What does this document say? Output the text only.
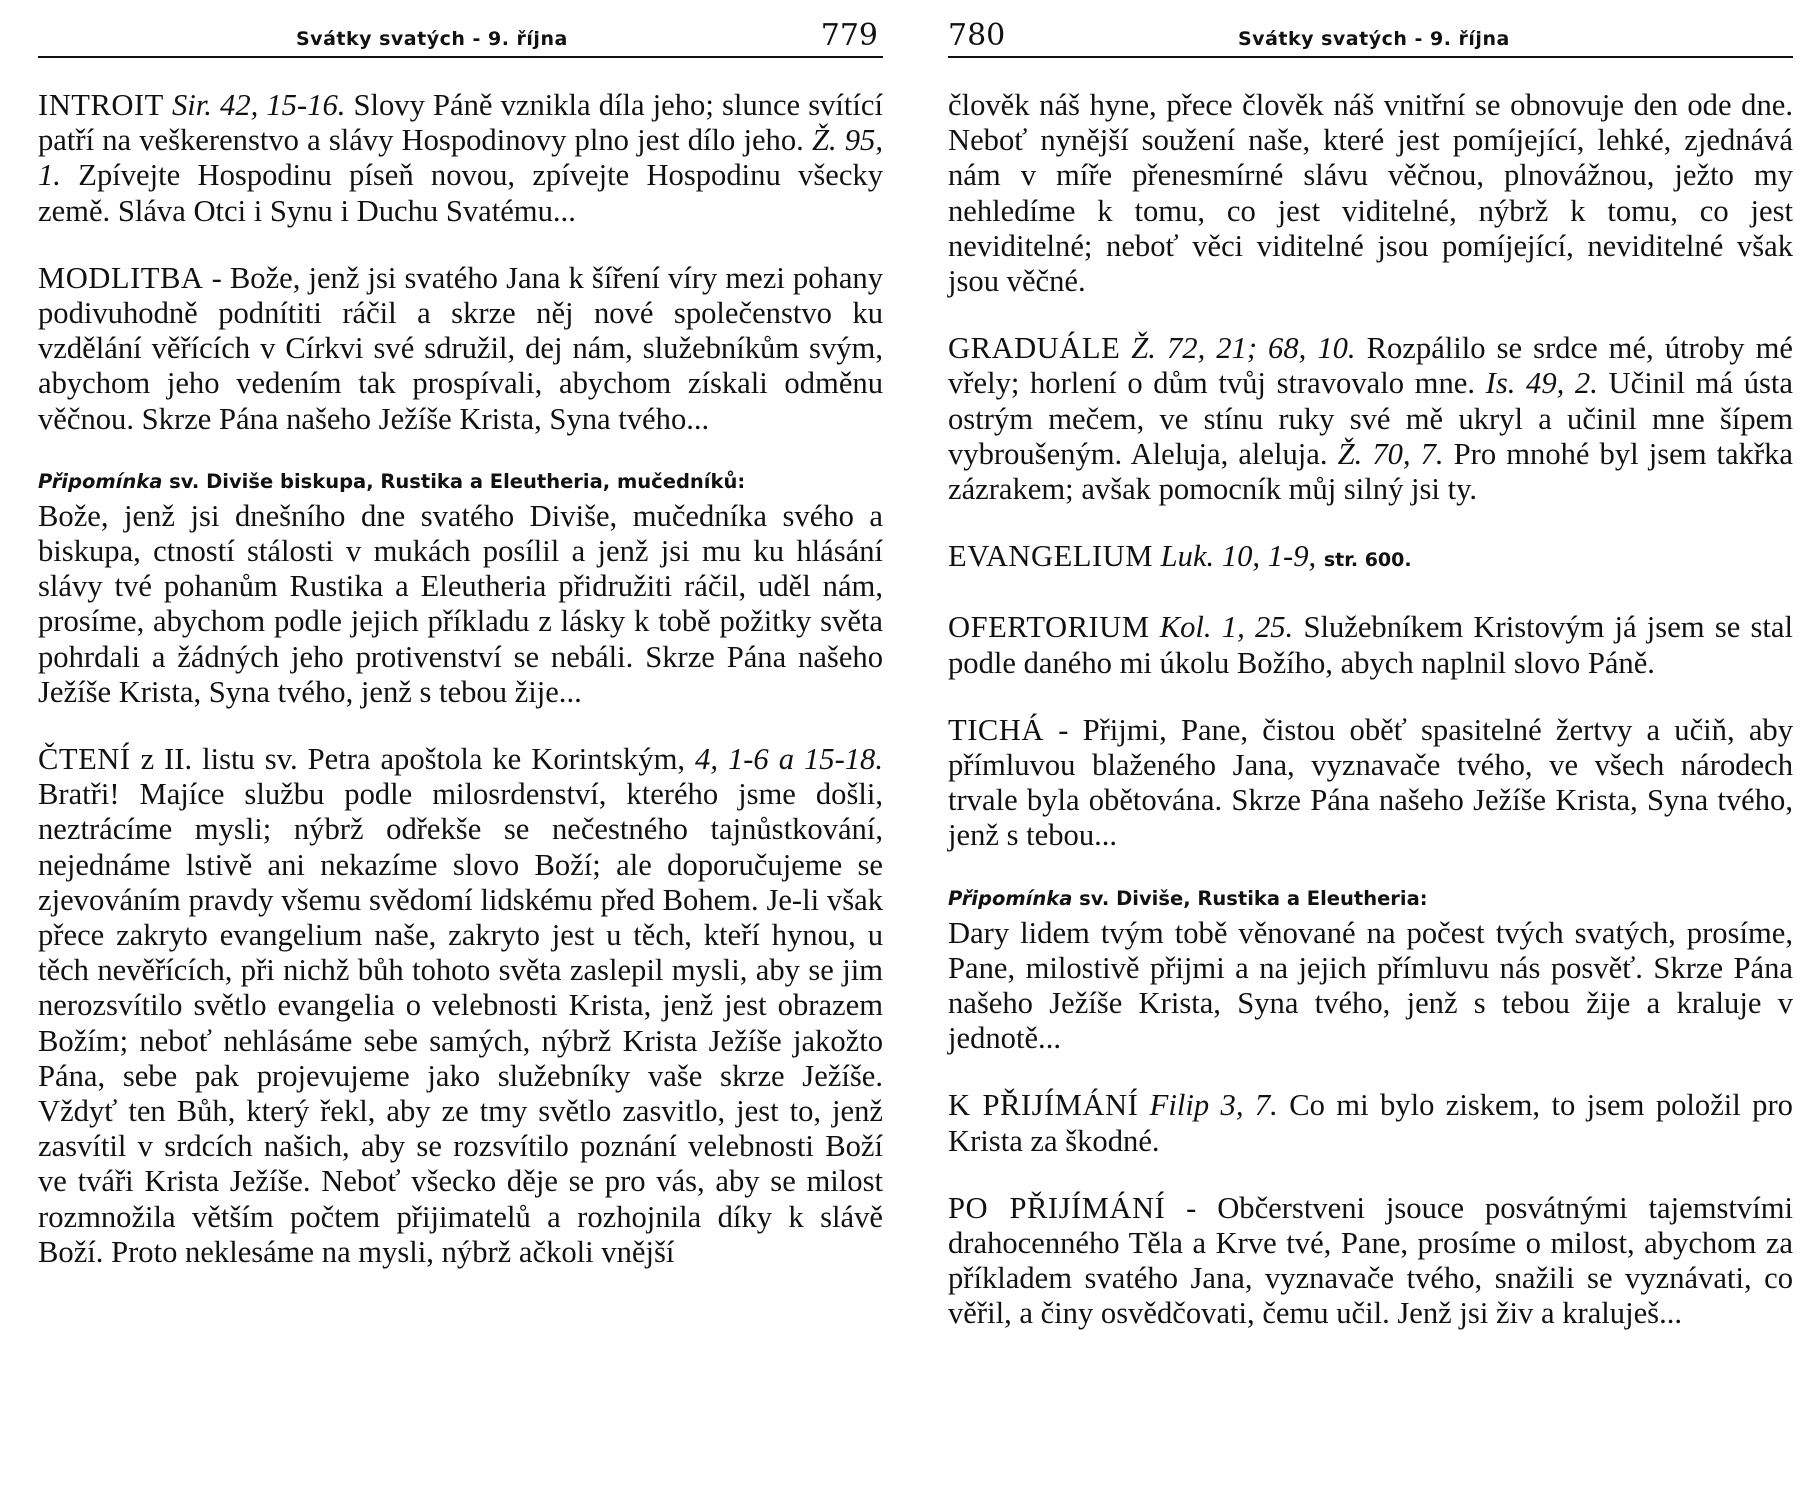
Svátky svatých - 9. října	779

INTROIT Sir. 42, 15-16. Slovy Páně vznikla díla jeho; slunce svítící patří na veškerenstvo a slávy Hospodinovy plno jest dílo jeho. Ž. 95, 1. Zpívejte Hospodinu píseň novou, zpívejte Hospodinu všecky země. Sláva Otci i Synu i Duchu Svatému...

MODLITBA - Bože, jenž jsi svatého Jana k šíření víry mezi pohany podivuhodně podnítiti ráčil a skrze něj nové společenstvo ku vzdělání věřících v Církvi své sdružil, dej nám, služebníkům svým, abychom jeho vedením tak prospívali, abychom získali odměnu věčnou. Skrze Pána našeho Ježíše Krista, Syna tvého...

Připomínka sv. Diviše biskupa, Rustika a Eleutheria, mučedníků:

Bože, jenž jsi dnešního dne svatého Diviše, mučedníka svého a biskupa, ctností stálosti v mukách posílil a jenž jsi mu ku hlásání slávy tvé pohanům Rustika a Eleutheria přidružiti ráčil, uděl nám, prosíme, abychom podle jejich příkladu z lásky k tobě požitky světa pohrdali a žádných jeho protivenství se nebáli. Skrze Pána našeho Ježíše Krista, Syna tvého, jenž s tebou žije...

ČTENÍ z II. listu sv. Petra apoštola ke Korintským, 4, 1-6 a 15-18. Bratři! Majíce službu podle milosrdenství, kterého jsme došli, neztrácíme mysli; nýbrž odřekše se nečestného tajnůstkování, nejednáme lstivě ani nekazíme slovo Boží; ale doporučujeme se zjevováním pravdy všemu svědomí lidskému před Bohem. Je-li však přece zakryto evangelium naše, zakryto jest u těch, kteří hynou, u těch nevěřících, při nichž bůh tohoto světa zaslepil mysli, aby se jim nerozsvítilo světlo evangelia o velebnosti Krista, jenž jest obrazem Božím; neboť nehlásáme sebe samých, nýbrž Krista Ježíše jakožto Pána, sebe pak projevujeme jako služebníky vaše skrze Ježíše. Vždyť ten Bůh, který řekl, aby ze tmy světlo zasvitlo, jest to, jenž zasvítil v srdcích našich, aby se rozsvítilo poznání velebnosti Boží ve tváři Krista Ježíše. Neboť všecko děje se pro vás, aby se milost rozmnožila větším počtem přijimatelů a rozhojnila díky k slávě Boží. Proto neklesáme na mysli, nýbrž ačkoli vnější

780	Svátky svatých - 9. října

člověk náš hyne, přece člověk náš vnitřní se obnovuje den ode dne. Neboť nynější soužení naše, které jest pomíjející, lehké, zjednává nám v míře přenesmírné slávu věčnou, plnovážnou, ježto my nehledíme k tomu, co jest viditelné, nýbrž k tomu, co jest neviditelné; neboť věci viditelné jsou pomíjející, neviditelné však jsou věčné.

GRADUÁLE Ž. 72, 21; 68, 10. Rozpálilo se srdce mé, útroby mé vřely; horlení o dům tvůj stravovalo mne. Is. 49, 2. Učinil má ústa ostrým mečem, ve stínu ruky své mě ukryl a učinil mne šípem vybroušeným. Aleluja, aleluja. Ž. 70, 7. Pro mnohé byl jsem takřka zázrakem; avšak pomocník můj silný jsi ty.

EVANGELIUM Luk. 10, 1-9, str. 600.

OFERTORIUM Kol. 1, 25. Služebníkem Kristovým já jsem se stal podle daného mi úkolu Božího, abych naplnil slovo Páně.

TICHÁ - Přijmi, Pane, čistou oběť spasitelné žertvy a učiň, aby přímluvou blaženého Jana, vyznavače tvého, ve všech národech trvale byla obětována. Skrze Pána našeho Ježíše Krista, Syna tvého, jenž s tebou...

Připomínka sv. Diviše, Rustika a Eleutheria:

Dary lidem tvým tobě věnované na počest tvých svatých, prosíme, Pane, milostivě přijmi a na jejich přímluvu nás posvěť. Skrze Pána našeho Ježíše Krista, Syna tvého, jenž s tebou žije a kraluje v jednotě...

K PŘIJÍMÁNÍ Filip 3, 7. Co mi bylo ziskem, to jsem položil pro Krista za škodné.

PO PŘIJÍMÁNÍ - Občerstveni jsouce posvátnými tajemstvími drahocenného Těla a Krve tvé, Pane, prosíme o milost, abychom za příkladem svatého Jana, vyznavače tvého, snažili se vyznávati, co věřil, a činy osvědčovati, čemu učil. Jenž jsi živ a kraluješ...
